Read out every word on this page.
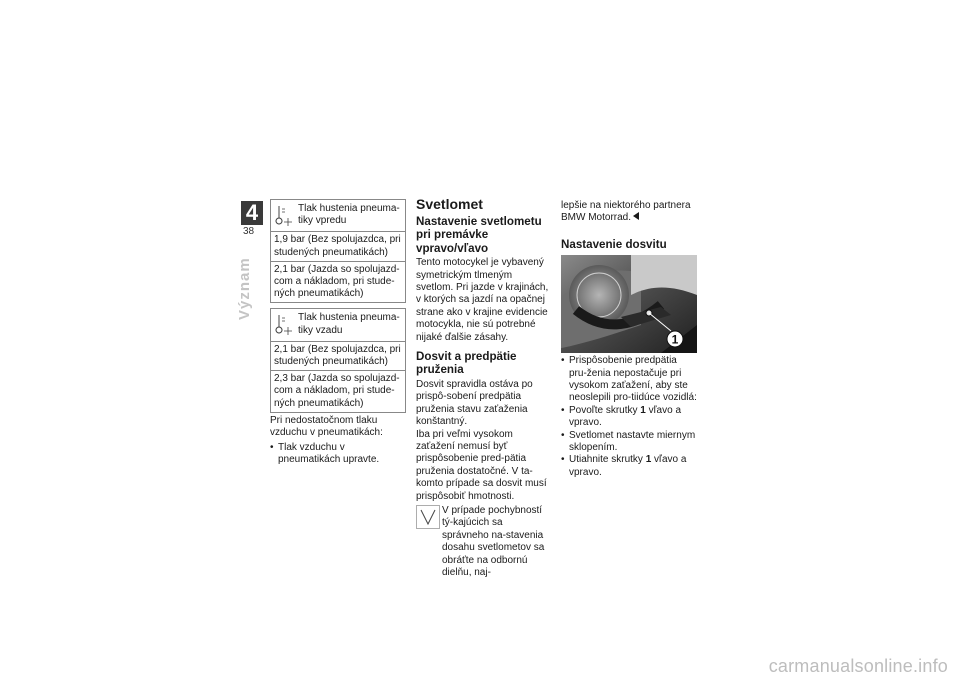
4
38
Význam
Tlak hustenia pneuma-tiky vpredu

1,9 bar (Bez spolujazdca, pri studených pneumatikách)
2,1 bar (Jazda so spolujazd-com a nákladom, pri stude-ných pneumatikách)
Tlak hustenia pneuma-tiky vzadu

2,1 bar (Bez spolujazdca, pri studených pneumatikách)
2,3 bar (Jazda so spolujazd-com a nákladom, pri stude-ných pneumatikách)

Pri nedostatočnom tlaku vzduchu v pneumatikách:

• Tlak vzduchu v pneumatikách upravte.
Svetlomet
Nastavenie svetlometu pri premávke vpravo/vľavo

Tento motocykel je vybavený symetrickým tlmeným svetlom. Pri jazde v krajinách, v ktorých sa jazdí na opačnej strane ako v krajine evidencie motocykla, nie sú potrebné nijaké ďalšie zásahy.

Dosvit a predpätie pruženia

Dosvit spravidla ostáva po prispô-sobení predpätia pruženia stavu zaťaženia konštantný.

Iba pri veľmi vysokom zaťažení nemusí byť prispôsobenie pred-pätia pruženia dostatočné. V ta-komto prípade sa dosvit musí prispôsobiť hmotnosti.

V prípade pochybností tý-kajúcich sa správneho na-stavenia dosahu svetlometov sa obráťte na odbornú dielňu, naj-

lepšie na niektorého partnera BMW Motorrad.

Nastavenie dosvitu
1
• Prispôsobenie predpätia pru-ženia nepostačuje pri vysokom zaťažení, aby ste neoslepili pro-tiidúce vozidlá:
• Povoľte skrutky 1 vľavo a vpravo.
• Svetlomet nastavte miernym sklopením.
• Utiahnite skrutky 1 vľavo a vpravo.
carmanualsonline.info
